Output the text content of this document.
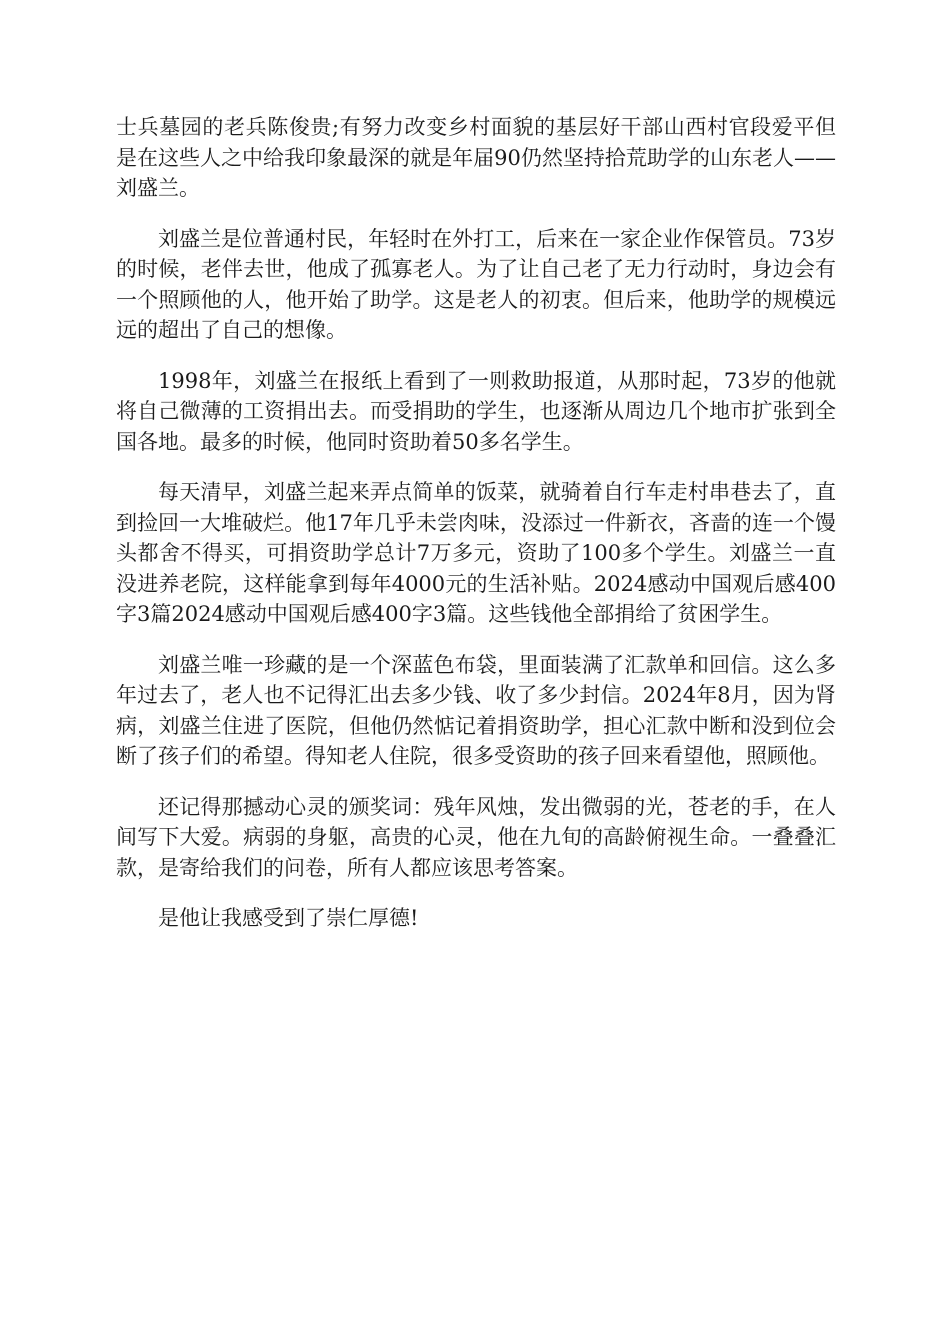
士兵墓园的老兵陈俊贵;有努力改变乡村面貌的基层好干部山西村官段爱平但是在这些人之中给我印象最深的就是年届90仍然坚持拾荒助学的山东老人——刘盛兰。

刘盛兰是位普通村民，年轻时在外打工，后来在一家企业作保管员。73岁的时候，老伴去世，他成了孤寡老人。为了让自己老了无力行动时，身边会有一个照顾他的人，他开始了助学。这是老人的初衷。但后来，他助学的规模远远的超出了自己的想像。

1998年，刘盛兰在报纸上看到了一则救助报道，从那时起，73岁的他就将自己微薄的工资捐出去。而受捐助的学生，也逐渐从周边几个地市扩张到全国各地。最多的时候，他同时资助着50多名学生。

每天清早，刘盛兰起来弄点简单的饭菜，就骑着自行车走村串巷去了，直到捡回一大堆破烂。他17年几乎未尝肉味，没添过一件新衣，吝啬的连一个馒头都舍不得买，可捐资助学总计7万多元，资助了100多个学生。刘盛兰一直没进养老院，这样能拿到每年4000元的生活补贴。2024感动中国观后感400字3篇2024感动中国观后感400字3篇。这些钱他全部捐给了贫困学生。

刘盛兰唯一珍藏的是一个深蓝色布袋，里面装满了汇款单和回信。这么多年过去了，老人也不记得汇出去多少钱、收了多少封信。2024年8月，因为肾病，刘盛兰住进了医院，但他仍然惦记着捐资助学，担心汇款中断和没到位会断了孩子们的希望。得知老人住院，很多受资助的孩子回来看望他，照顾他。

还记得那撼动心灵的颁奖词：残年风烛，发出微弱的光，苍老的手，在人间写下大爱。病弱的身躯，高贵的心灵，他在九旬的高龄俯视生命。一叠叠汇款，是寄给我们的问卷，所有人都应该思考答案。

是他让我感受到了崇仁厚德!
